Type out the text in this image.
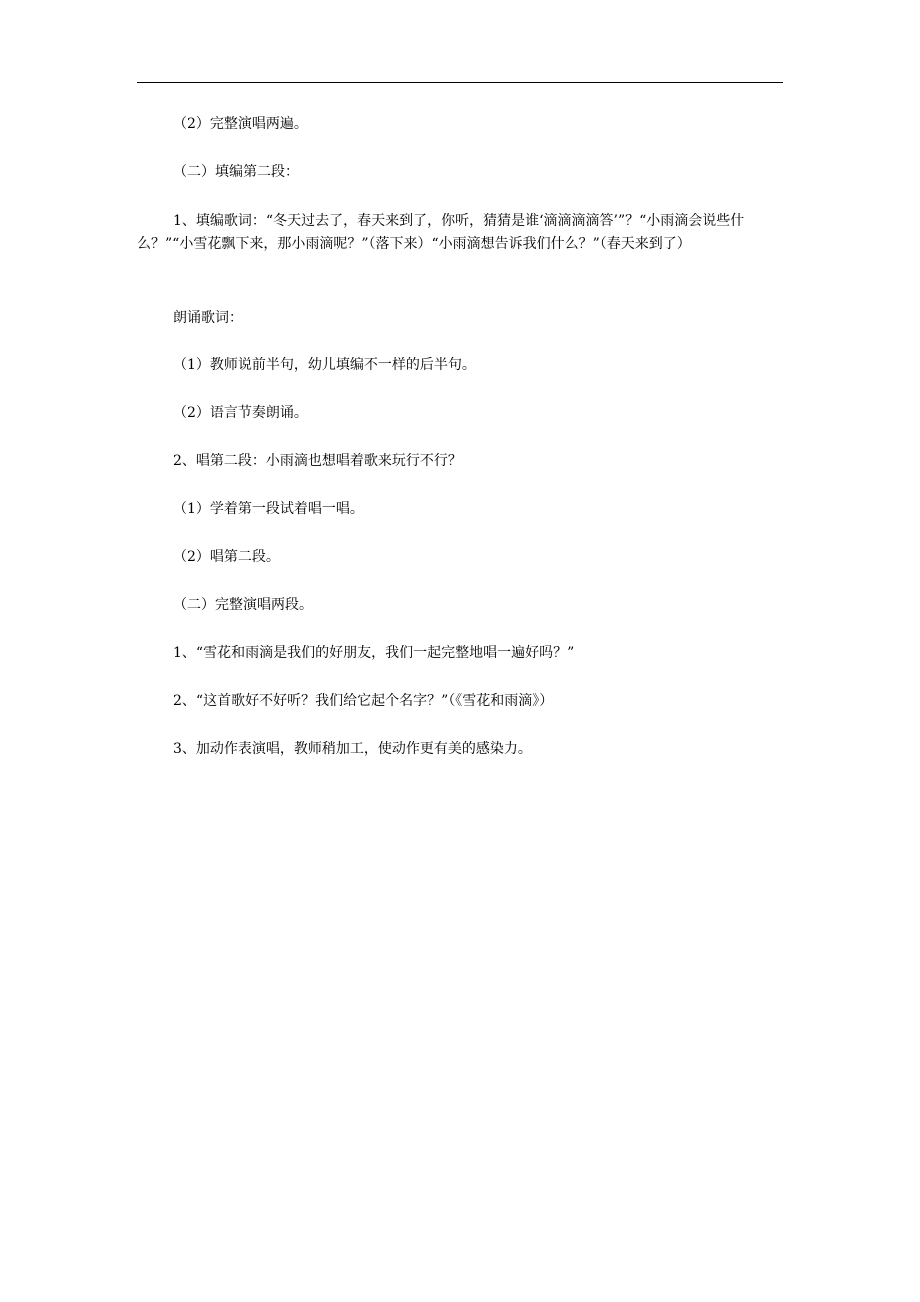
（2）完整演唱两遍。
（二）填编第二段：
1、填编歌词：“冬天过去了，春天来到了，你听，猜猜是谁‘滴滴滴滴答’”？“小雨滴会说些什么？”“小雪花飘下来，那小雨滴呢？”（落下来）“小雨滴想告诉我们什么？”（春天来到了）
朗诵歌词：
（1）教师说前半句，幼儿填编不一样的后半句。
（2）语言节奏朗诵。
2、唱第二段：小雨滴也想唱着歌来玩行不行？
（1）学着第一段试着唱一唱。
（2）唱第二段。
（二）完整演唱两段。
1、“雪花和雨滴是我们的好朋友，我们一起完整地唱一遍好吗？”
2、“这首歌好不好听？我们给它起个名字？”（《雪花和雨滴》）
3、加动作表演唱，教师稍加工，使动作更有美的感染力。
